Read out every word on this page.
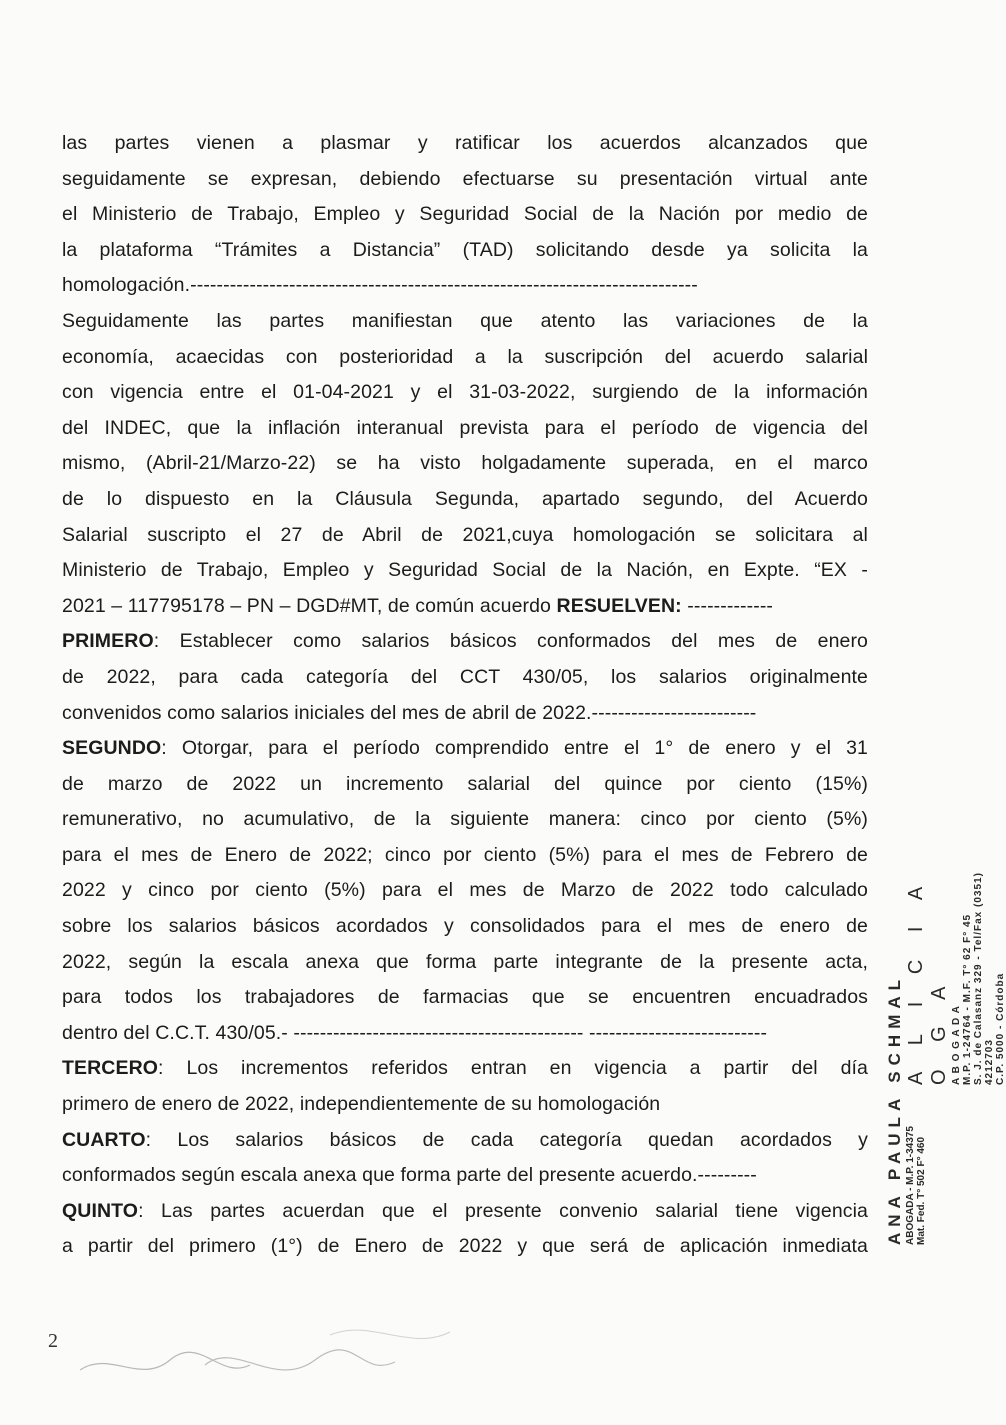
las partes vienen a plasmar y ratificar los acuerdos alcanzados que
seguidamente se expresan, debiendo efectuarse su presentación virtual ante
el Ministerio de Trabajo, Empleo y Seguridad Social de la Nación por medio de
la plataforma “Trámites a Distancia” (TAD) solicitando desde ya solicita la
homologación.-----------------------------------------------------------------------------
Seguidamente las partes manifiestan que atento las variaciones de la
economía, acaecidas con posterioridad a la suscripción del acuerdo salarial
con vigencia entre el 01-04-2021 y el 31-03-2022, surgiendo de la información
del INDEC, que la inflación interanual prevista para el período de vigencia del
mismo, (Abril-21/Marzo-22) se ha visto holgadamente superada, en el marco
de lo dispuesto en la Cláusula Segunda, apartado segundo, del Acuerdo
Salarial suscripto el 27 de Abril de 2021,cuya homologación se solicitara al
Ministerio de Trabajo, Empleo y Seguridad Social de la Nación, en Expte. “EX -
2021 – 117795178 – PN – DGD#MT, de común acuerdo RESUELVEN: -------------
PRIMERO: Establecer como salarios básicos conformados del mes de enero
de 2022, para cada categoría del CCT 430/05, los salarios originalmente
convenidos como salarios iniciales del mes de abril de 2022.-------------------------
SEGUNDO: Otorgar, para el período comprendido entre el 1° de enero y el 31
de marzo de 2022 un incremento salarial del quince por ciento (15%)
remunerativo, no acumulativo, de la siguiente manera: cinco por ciento (5%)
para el mes de Enero de 2022; cinco por ciento (5%) para el mes de Febrero de
2022 y cinco por ciento (5%) para el mes de Marzo de 2022 todo calculado
sobre los salarios básicos acordados y consolidados para el mes de enero de
2022, según la escala anexa que forma parte integrante de la presente acta,
para todos los trabajadores de farmacias que se encuentren encuadrados
dentro del C.C.T. 430/05.- -------------------------------------------- ---------------------------
TERCERO: Los incrementos referidos entran en vigencia a partir del día
primero de enero de 2022, independientemente de su homologación
CUARTO: Los salarios básicos de cada categoría quedan acordados y
conformados según escala anexa que forma parte del presente acuerdo.---------
QUINTO: Las partes acuerdan que el presente convenio salarial tiene vigencia
a partir del primero (1°) de Enero de 2022 y que será de aplicación inmediata
A L I C I A O G A A B O G A D A M.P. 1-24764 - M.F. T° 62 F° 45 S. J. de Calasanz 329 - Tel/Fax (0351) 4212703 C.P. 5000 - Córdoba
ANA PAULA SCHMAL ABOGADA - M.P. 1-34375 Mat. Fed. T° 502 F° 460
2
